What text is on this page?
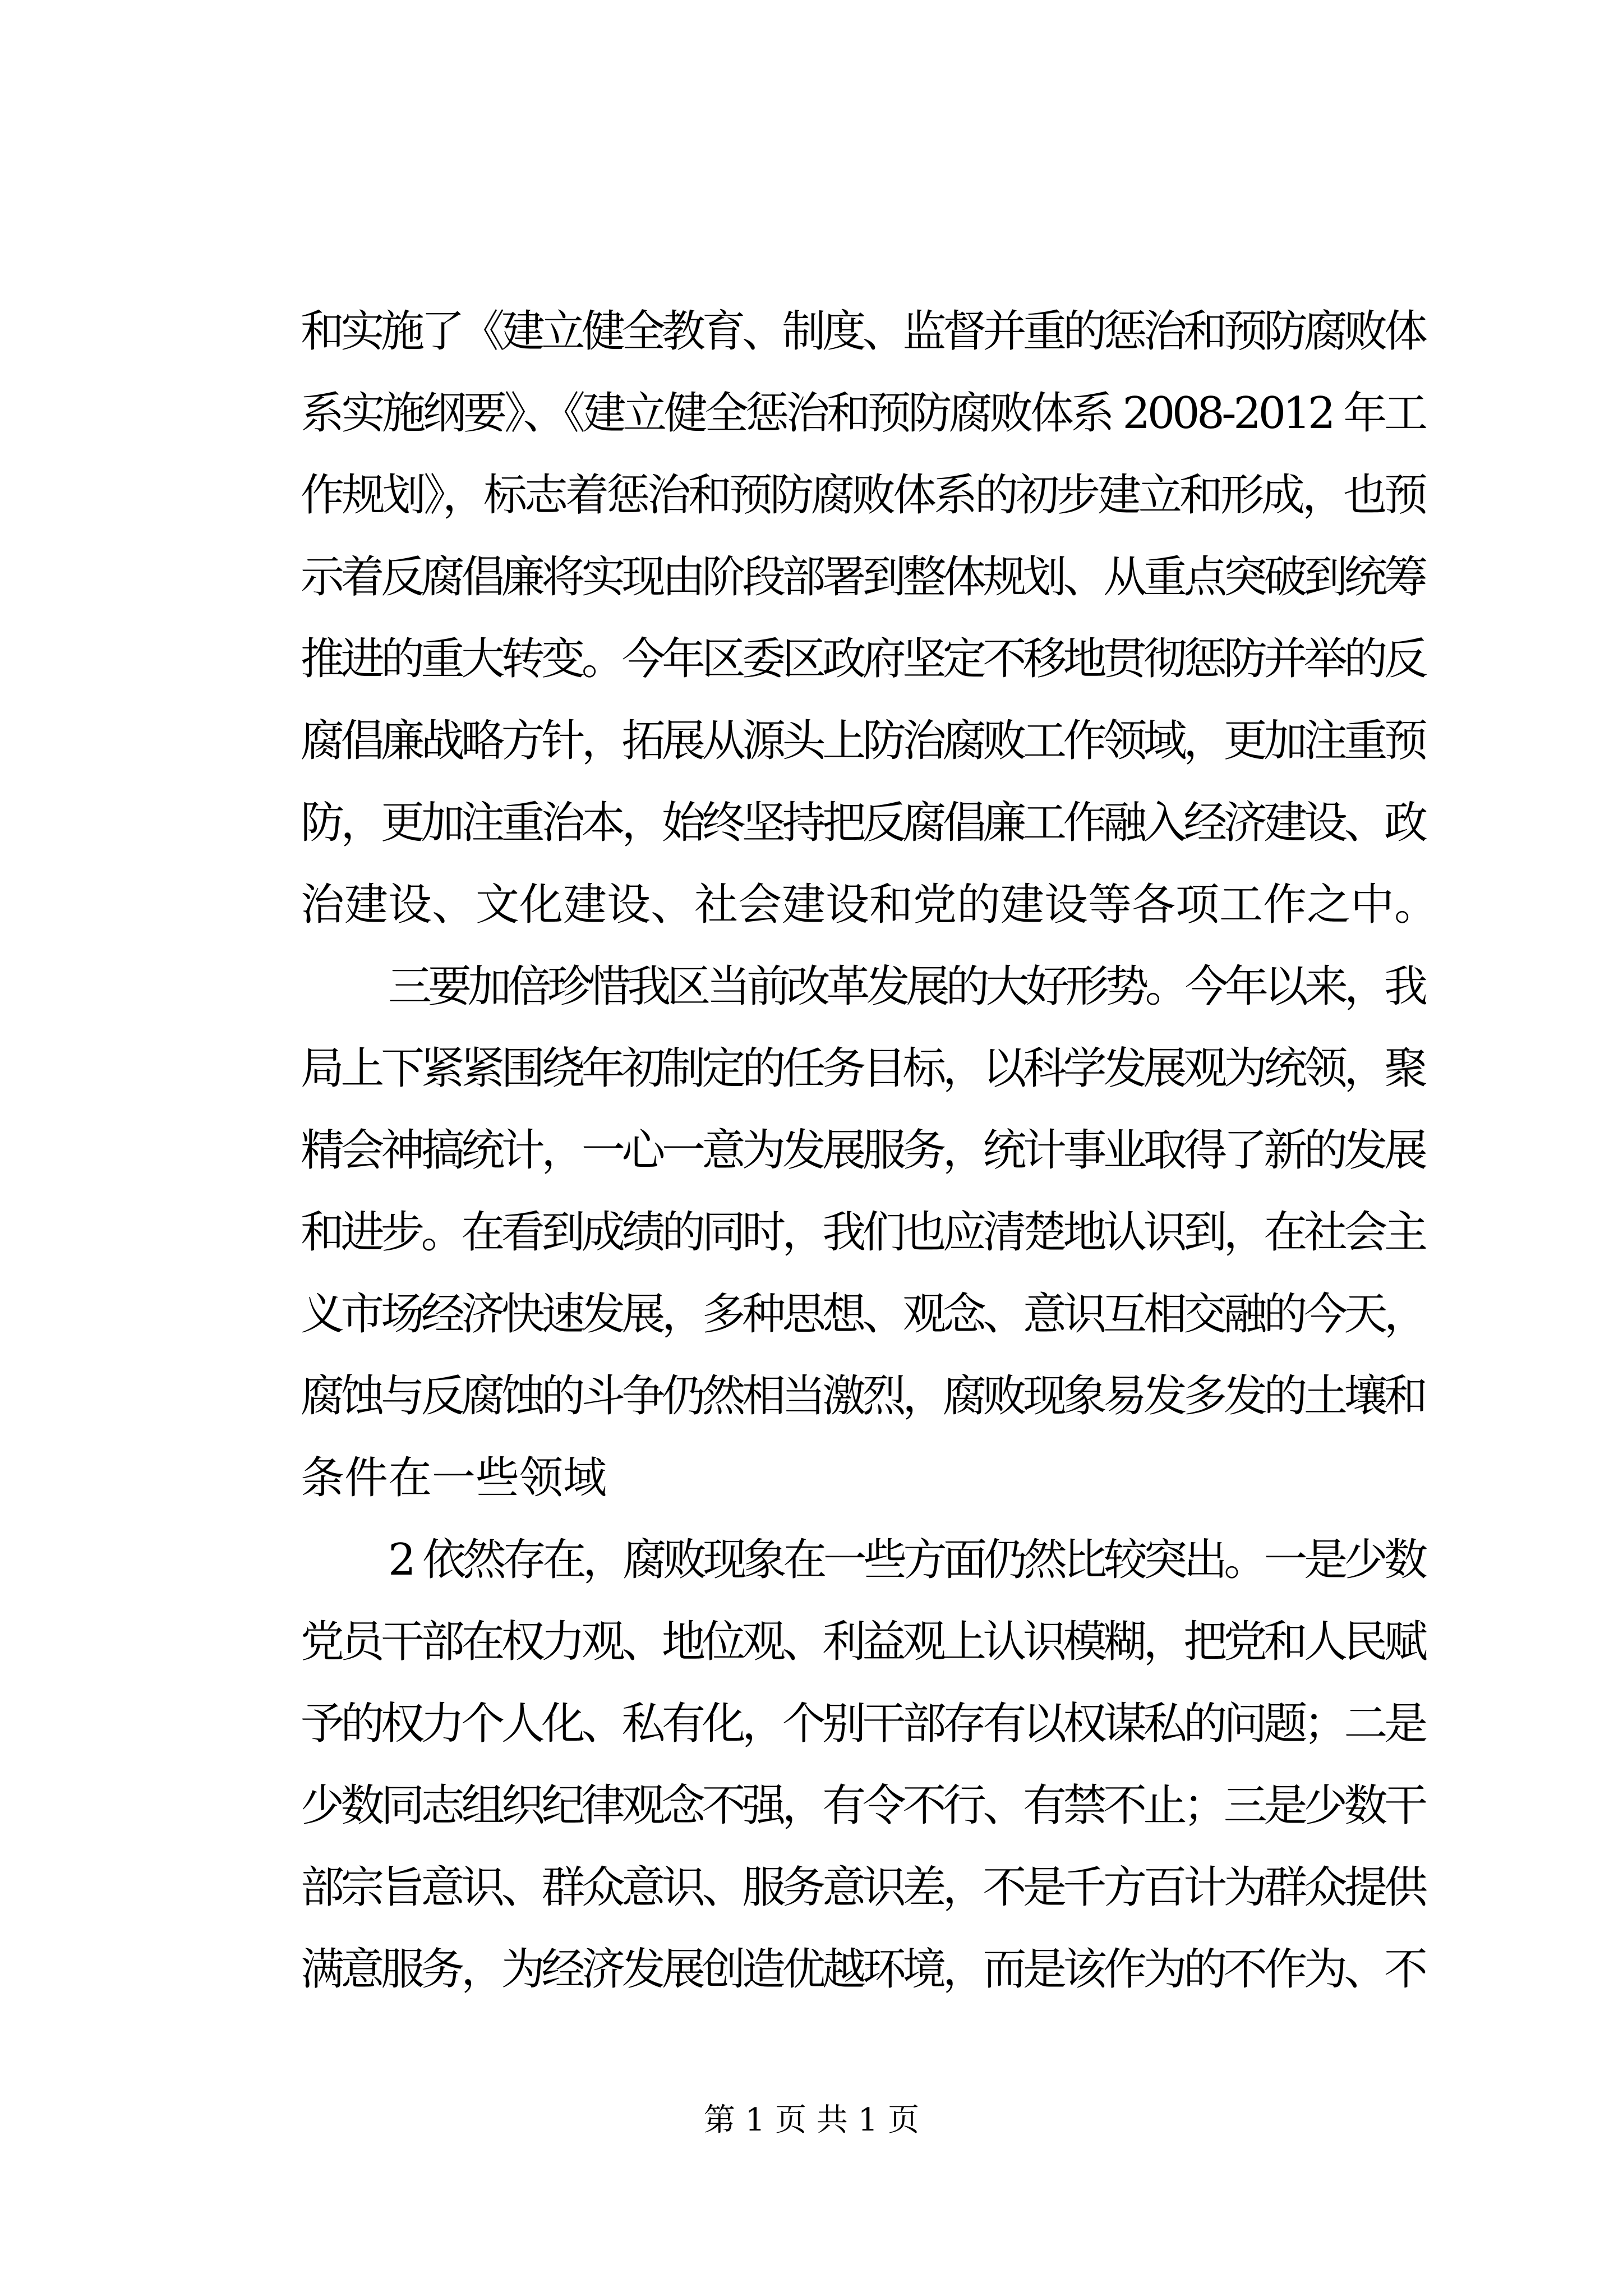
和实施了《建立健全教育、制度、监督并重的惩治和预防腐败体
系实施纲要》、《建立健全惩治和预防腐败体系 2008-2012 年工
作规划》，标志着惩治和预防腐败体系的初步建立和形成，也预
示着反腐倡廉将实现由阶段部署到整体规划、从重点突破到统筹
推进的重大转变。今年区委区政府坚定不移地贯彻惩防并举的反
腐倡廉战略方针，拓展从源头上防治腐败工作领域，更加注重预
防，更加注重治本，始终坚持把反腐倡廉工作融入经济建设、政
治建设、文化建设、社会建设和党的建设等各项工作之中。
三要加倍珍惜我区当前改革发展的大好形势。今年以来，我
局上下紧紧围绕年初制定的任务目标，以科学发展观为统领，聚
精会神搞统计，一心一意为发展服务，统计事业取得了新的发展
和进步。在看到成绩的同时，我们也应清楚地认识到，在社会主
义市场经济快速发展，多种思想、观念、意识互相交融的今天，
腐蚀与反腐蚀的斗争仍然相当激烈，腐败现象易发多发的土壤和
条件在一些领域
2 依然存在，腐败现象在一些方面仍然比较突出。一是少数
党员干部在权力观、地位观、利益观上认识模糊，把党和人民赋
予的权力个人化、私有化，个别干部存有以权谋私的问题；二是
少数同志组织纪律观念不强，有令不行、有禁不止；三是少数干
部宗旨意识、群众意识、服务意识差，不是千方百计为群众提供
满意服务，为经济发展创造优越环境，而是该作为的不作为、不
第 1 页 共 1 页
